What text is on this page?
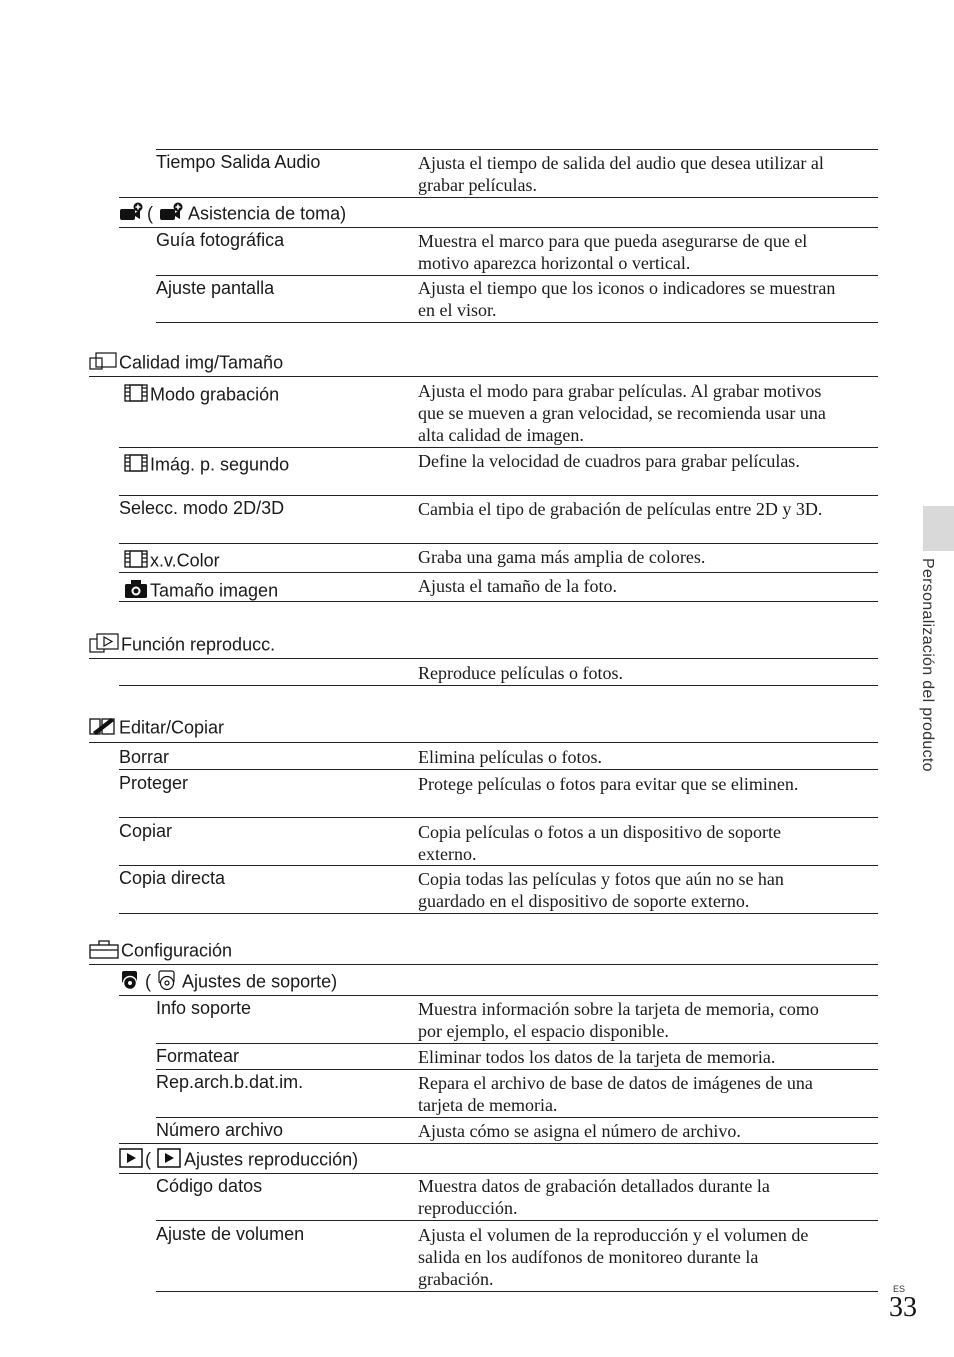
Tiempo Salida Audio	Ajusta el tiempo de salida del audio que desea utilizar al grabar películas.
( Asistencia de toma)
Guía fotográfica	Muestra el marco para que pueda asegurarse de que el motivo aparezca horizontal o vertical.
Ajuste pantalla	Ajusta el tiempo que los iconos o indicadores se muestran en el visor.
Calidad img/Tamaño
Modo grabación	Ajusta el modo para grabar películas. Al grabar motivos que se mueven a gran velocidad, se recomienda usar una alta calidad de imagen.
Imág. p. segundo	Define la velocidad de cuadros para grabar películas.
Selecc. modo 2D/3D	Cambia el tipo de grabación de películas entre 2D y 3D.
x.v.Color	Graba una gama más amplia de colores.
Tamaño imagen	Ajusta el tamaño de la foto.
Función reproducc.
Reproduce películas o fotos.
Editar/Copiar
Borrar	Elimina películas o fotos.
Proteger	Protege películas o fotos para evitar que se eliminen.
Copiar	Copia películas o fotos a un dispositivo de soporte externo.
Copia directa	Copia todas las películas y fotos que aún no se han guardado en el dispositivo de soporte externo.
Configuración
( Ajustes de soporte)
Info soporte	Muestra información sobre la tarjeta de memoria, como por ejemplo, el espacio disponible.
Formatear	Eliminar todos los datos de la tarjeta de memoria.
Rep.arch.b.dat.im.	Repara el archivo de base de datos de imágenes de una tarjeta de memoria.
Número archivo	Ajusta cómo se asigna el número de archivo.
( Ajustes reproducción)
Código datos	Muestra datos de grabación detallados durante la reproducción.
Ajuste de volumen	Ajusta el volumen de la reproducción y el volumen de salida en los audífonos de monitoreo durante la grabación.
Personalización del producto
ES
33
